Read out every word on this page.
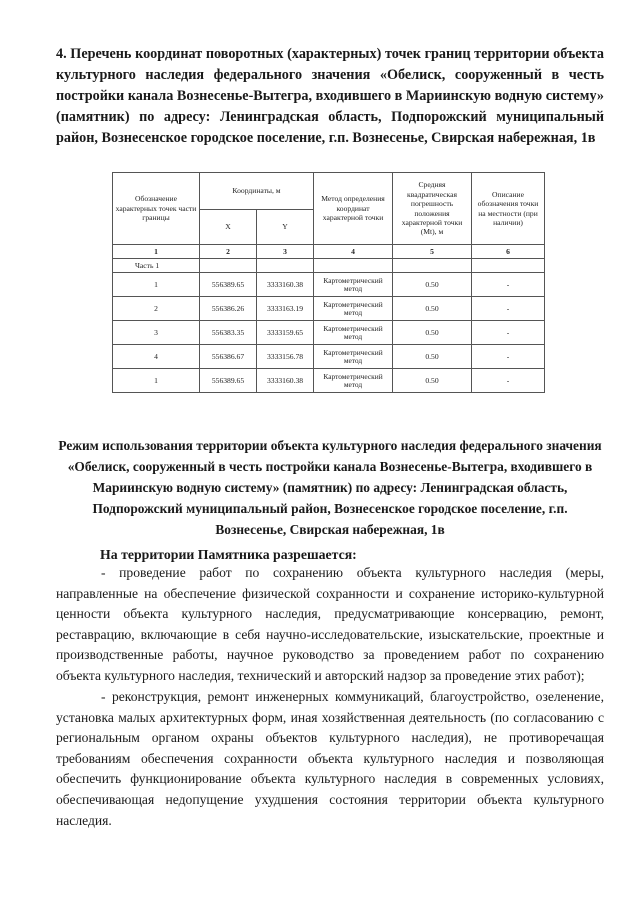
4. Перечень координат поворотных (характерных) точек границ территории объекта культурного наследия федерального значения «Обелиск, сооруженный в честь постройки канала Вознесенье-Вытегра, входившего в Мариинскую водную систему» (памятник) по адресу: Ленинградская область, Подпорожский муниципальный район, Вознесенское городское поселение, г.п. Вознесенье, Свирская набережная, 1в
Обозначение характерных точек части границы	Координаты, м		Метод определения координат характерной точки	Средняя квадратическая погрешность положения характерной точки (Mt), м	Описание обозначения точки на местности (при наличии)
	X	Y			
1	2	3	4	5	6
Часть 1					
1	556389.65	3333160.38	Картометрический метод	0.50	-
2	556386.26	3333163.19	Картометрический метод	0.50	-
3	556383.35	3333159.65	Картометрический метод	0.50	-
4	556386.67	3333156.78	Картометрический метод	0.50	-
1	556389.65	3333160.38	Картометрический метод	0.50	-
Режим использования территории объекта культурного наследия федерального значения «Обелиск, сооруженный в честь постройки канала Вознесенье-Вытегра, входившего в Мариинскую водную систему» (памятник) по адресу: Ленинградская область, Подпорожский муниципальный район, Вознесенское городское поселение, г.п. Вознесенье, Свирская набережная, 1в
На территории Памятника разрешается:

- проведение работ по сохранению объекта культурного наследия (меры, направленные на обеспечение физической сохранности и сохранение историко-культурной ценности объекта культурного наследия, предусматривающие консервацию, ремонт, реставрацию, включающие в себя научно-исследовательские, изыскательские, проектные и производственные работы, научное руководство за проведением работ по сохранению объекта культурного наследия, технический и авторский надзор за проведение этих работ);

- реконструкция, ремонт инженерных коммуникаций, благоустройство, озеленение, установка малых архитектурных форм, иная хозяйственная деятельность (по согласованию с региональным органом охраны объектов культурного наследия), не противоречащая требованиям обеспечения сохранности объекта культурного наследия и позволяющая обеспечить функционирование объекта культурного наследия в современных условиях, обеспечивающая недопущение ухудшения состояния территории объекта культурного наследия.
